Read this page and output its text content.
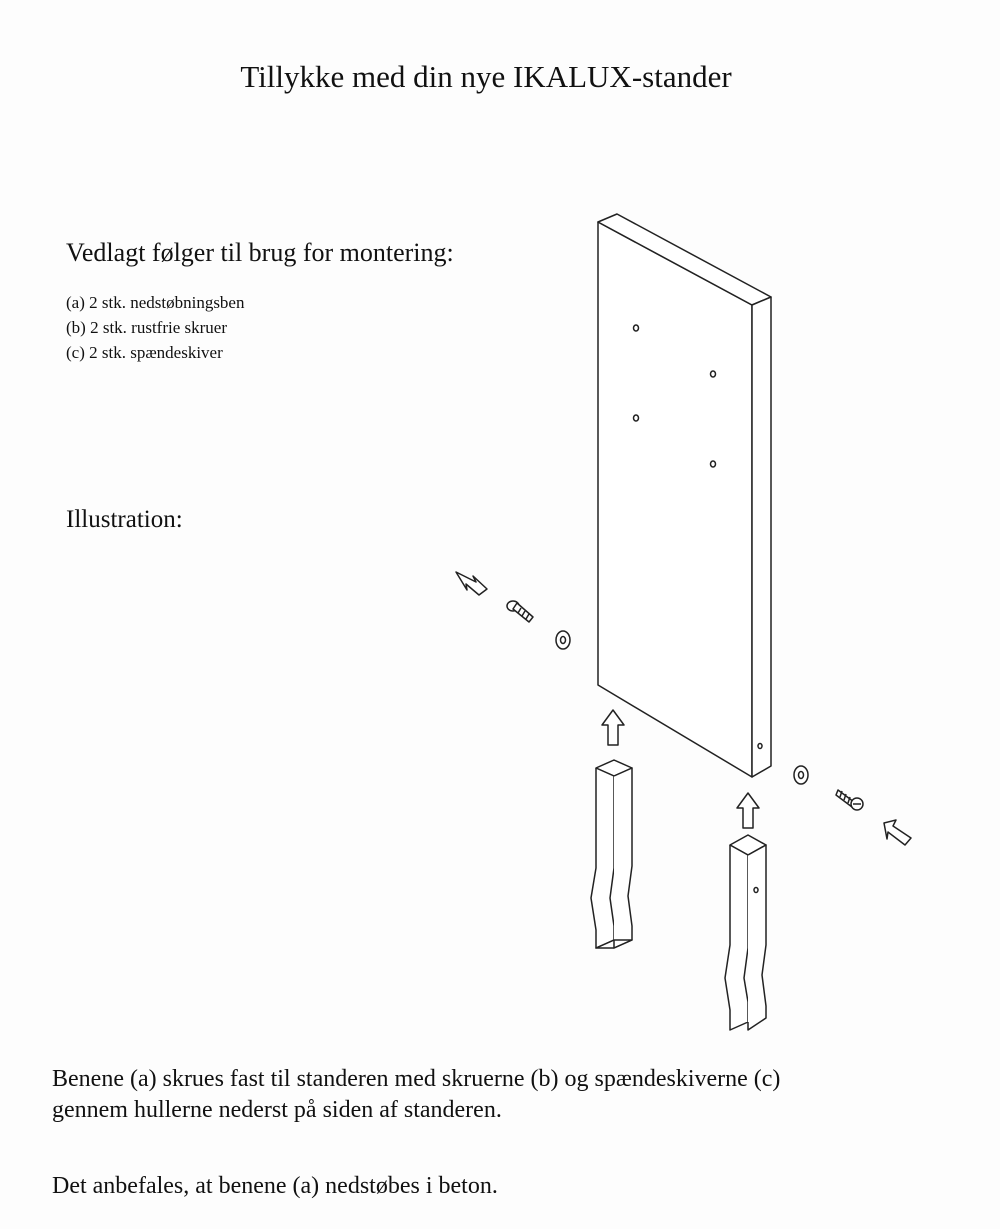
Tillykke med din nye IKALUX-stander
Vedlagt følger til brug for montering:
(a) 2 stk. nedstøbningsben
(b) 2 stk. rustfrie skruer
(c) 2 stk. spændeskiver
Illustration:

Benene (a) skrues fast til standeren med skruerne (b) og spændeskiverne (c)

gennem hullerne nederst på siden af standeren.

Det anbefales, at benene (a) nedstøbes i beton.
